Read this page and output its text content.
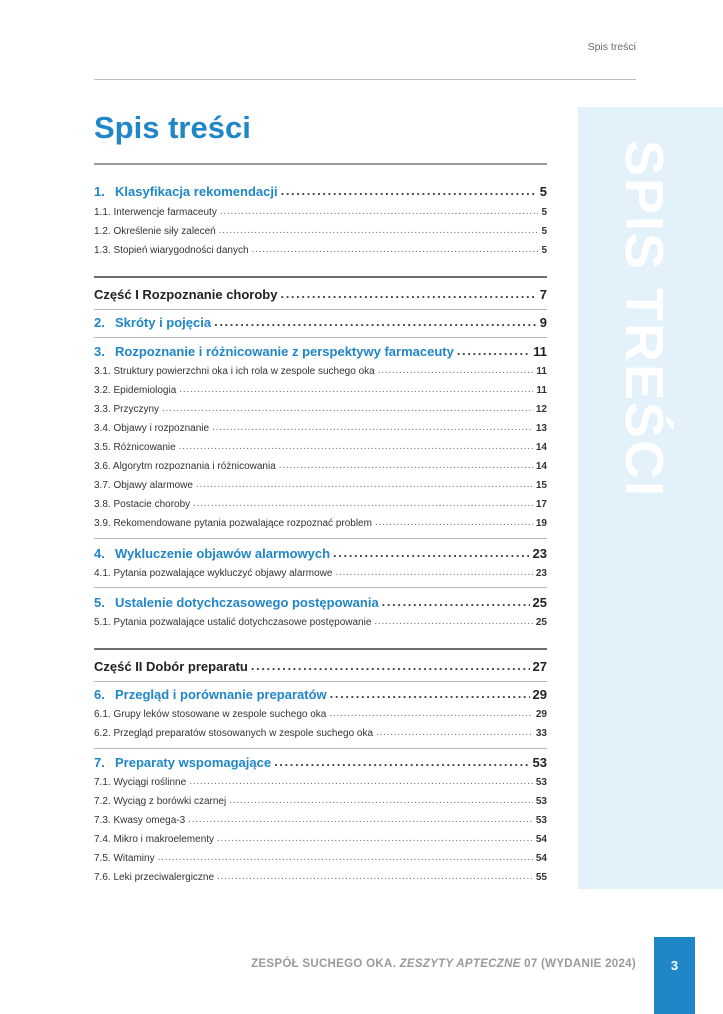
Spis treści
SPIS TREŚCI
Spis treści
1. Klasyfikacja rekomendacji . . .	5
1.1. Interwencje farmaceuty . . .	5
1.2. Określenie siły zaleceń . . .	5
1.3. Stopień wiarygodności danych . . .	5
Część I Rozpoznanie choroby . . .	7
2. Skróty i pojęcia . . .	9
3. Rozpoznanie i różnicowanie z perspektywy farmaceuty . . .	11
3.1. Struktury powierzchni oka i ich rola w zespole suchego oka . . .	11
3.2. Epidemiologia . . .	11
3.3. Przyczyny . . .	12
3.4. Objawy i rozpoznanie . . .	13
3.5. Różnicowanie . . .	14
3.6. Algorytm rozpoznania i różnicowania . . .	14
3.7. Objawy alarmowe . . .	15
3.8. Postacie choroby . . .	17
3.9. Rekomendowane pytania pozwalające rozpoznać problem . . .	19
4. Wykluczenie objawów alarmowych . . .	23
4.1. Pytania pozwalające wykluczyć objawy alarmowe . . .	23
5. Ustalenie dotychczasowego postępowania . . .	25
5.1. Pytania pozwalające ustalić dotychczasowe postępowanie . . .	25
Część II Dobór preparatu . . .	27
6. Przegląd i porównanie preparatów . . .	29
6.1. Grupy leków stosowane w zespole suchego oka . . .	29
6.2. Przegląd preparatów stosowanych w zespole suchego oka . . .	33
7. Preparaty wspomagające . . .	53
7.1. Wyciągi roślinne . . .	53
7.2. Wyciąg z borówki czarnej . . .	53
7.3. Kwasy omega-3 . . .	53
7.4. Mikro i makroelementy . . .	54
7.5. Witaminy . . .	54
7.6. Leki przeciwalergiczne . . .	55
ZESPÓŁ SUCHEGO OKA. ZESZYTY APTECZNE 07 (WYDANIE 2024)	3
